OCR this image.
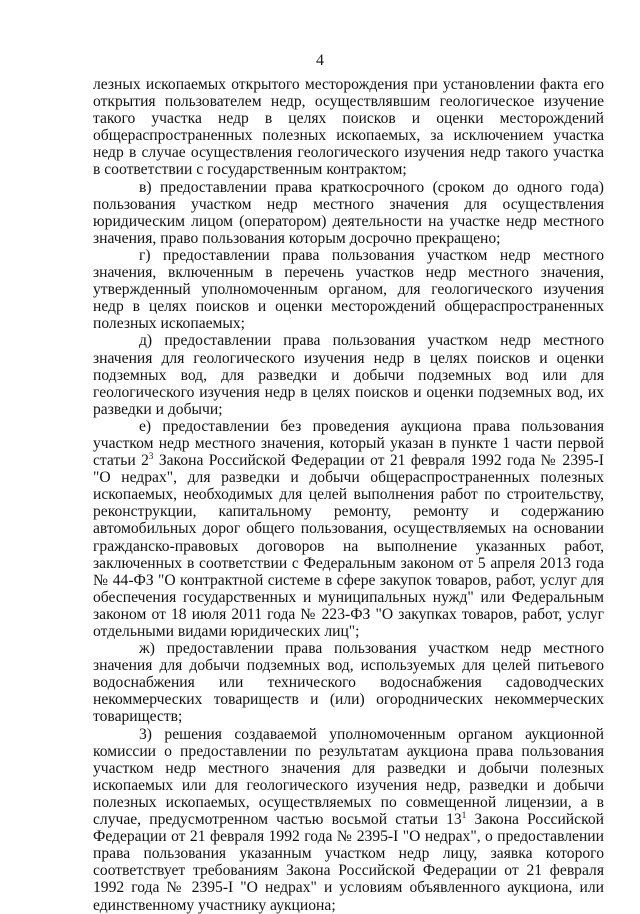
4

лезных ископаемых открытого месторождения при установлении факта его открытия пользователем недр, осуществлявшим геологическое изучение такого участка недр в целях поисков и оценки месторождений общераспространенных полезных ископаемых, за исключением участка недр в случае осуществления геологического изучения недр такого участка в соответствии с государственным контрактом;

в) предоставлении права краткосрочного (сроком до одного года) пользования участком недр местного значения для осуществления юридическим лицом (оператором) деятельности на участке недр местного значения, право пользования которым досрочно прекращено;

г) предоставлении права пользования участком недр местного значения, включенным в перечень участков недр местного значения, утвержденный уполномоченным органом, для геологического изучения недр в целях поисков и оценки месторождений общераспространенных полезных ископаемых;

д) предоставлении права пользования участком недр местного значения для геологического изучения недр в целях поисков и оценки подземных вод, для разведки и добычи подземных вод или для геологического изучения недр в целях поисков и оценки подземных вод, их разведки и добычи;

е) предоставлении без проведения аукциона права пользования участком недр местного значения, который указан в пункте 1 части первой статьи $2^3$ Закона Российской Федерации от 21 февраля 1992 года № 2395-I "О недрах", для разведки и добычи общераспространенных полезных ископаемых, необходимых для целей выполнения работ по строительству, реконструкции, капитальному ремонту, ремонту и содержанию автомобильных дорог общего пользования, осуществляемых на основании гражданско-правовых договоров на выполнение указанных работ, заключенных в соответствии с Федеральным законом от 5 апреля 2013 года № 44-ФЗ "О контрактной системе в сфере закупок товаров, работ, услуг для обеспечения государственных и муниципальных нужд" или Федеральным законом от 18 июля 2011 года № 223-ФЗ "О закупках товаров, работ, услуг отдельными видами юридических лиц";

ж) предоставлении права пользования участком недр местного значения для добычи подземных вод, используемых для целей питьевого водоснабжения или технического водоснабжения садоводческих некоммерческих товариществ и (или) огороднических некоммерческих товариществ;

3) решения создаваемой уполномоченным органом аукционной комиссии о предоставлении по результатам аукциона права пользования участком недр местного значения для разведки и добычи полезных ископаемых или для геологического изучения недр, разведки и добычи полезных ископаемых, осуществляемых по совмещенной лицензии, а в случае, предусмотренном частью восьмой статьи $13^1$ Закона Российской Федерации от 21 февраля 1992 года № 2395-I "О недрах", о предоставлении права пользования указанным участком недр лицу, заявка которого соответствует требованиям Закона Российской Федерации от 21 февраля 1992 года № 2395-I "О недрах" и условиям объявленного аукциона, или единственному участнику аукциона;
